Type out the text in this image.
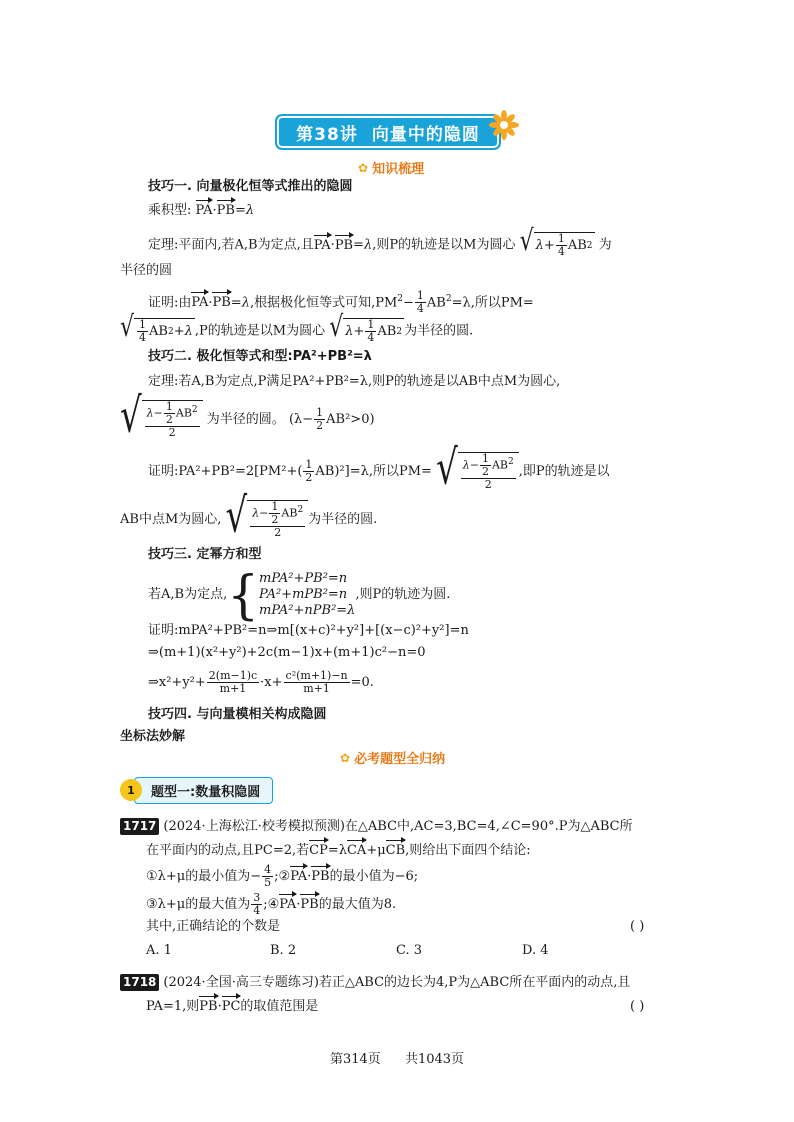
第38讲 向量中的隐圆
✿ 知识梳理
技巧一. 向量极化恒等式推出的隐圆
乘积型: PA·PB=λ
定理:平面内,若A,B为定点,且PA·PB=λ,则P的轨迹是以M为圆心 √ $\lambda + \frac{1}{4}$ AB 2 为
半径的圆
证明:由PA·PB=λ,根据极化恒等式可知$,PM^2- \frac{1}{4} AB^2=\lambda$,所以PM=
√ $\frac{1}{4}$ AB 2 + λ ,P的轨迹是以M为圆心 √ $\lambda + \frac{1}{4}$ AB 2 为半径的圆.
技巧二. 极化恒等式和型:PA²+PB²=λ
定理:若A,B为定点,P满足PA²+PB²=λ,则P的轨迹是以AB中点M为圆心,
√ $\frac{\lambda- \frac{1}{2} AB^2}{2}$ 为半径的圆。 $(\lambda- \frac{1}{2} AB^2>0)$
证明:PA²+PB²=2[PM²+( $\frac{1}{2} AB)^2]=\lambda$,所以PM= √ $\frac{\lambda- \frac{1}{2} AB^2}{2}$ ,即P的轨迹是以
AB中点M为圆心, √ $\frac{\lambda- \frac{1}{2} AB^2}{2}$ 为半径的圆.
技巧三. 定幂方和型
若A,B为定点, { mPA²+PB²=n
PA²+mPB²=n
mPA²+nPB²=λ
,则P的轨迹为圆.
证明:mPA²+PB²=n⇒m[(x+c)²+y²]+[(x−c)²+y²]=n
⇒(m+1)(x²+y²)+2c(m−1)x+(m+1)c²−n=0
⇒x²+y²+ $\frac{2(m-1)c}{m+1} \cdot x+ \frac{\text{c²(m+1)−n}}{m+1} =0$.
技巧四. 与向量模相关构成隐圆
坐标法妙解
✿ 必考题型全归纳
1	题型一:数量积隐圆
1717 (2024·上海松江·校考模拟预测)在△ABC中,AC=3,BC=4,∠C=90°.P为△ABC所
在平面内的动点,且PC=2,若CP=λCA+μCB,则给出下面四个结论:
①λ+μ的最小值为− $\frac{4}{5}$ ;②PA·PB的最小值为−6;
③λ+μ的最大值为 $\frac{3}{4}$ ;④PA·PB的最大值为8.
其中,正确结论的个数是	( )
A. 1	B. 2	C. 3	D. 4
1718 (2024·全国·高三专题练习)若正△ABC的边长为4,P为△ABC所在平面内的动点,且
PA=1,则PB·PC的取值范围是	( )
第314页 共1043页
